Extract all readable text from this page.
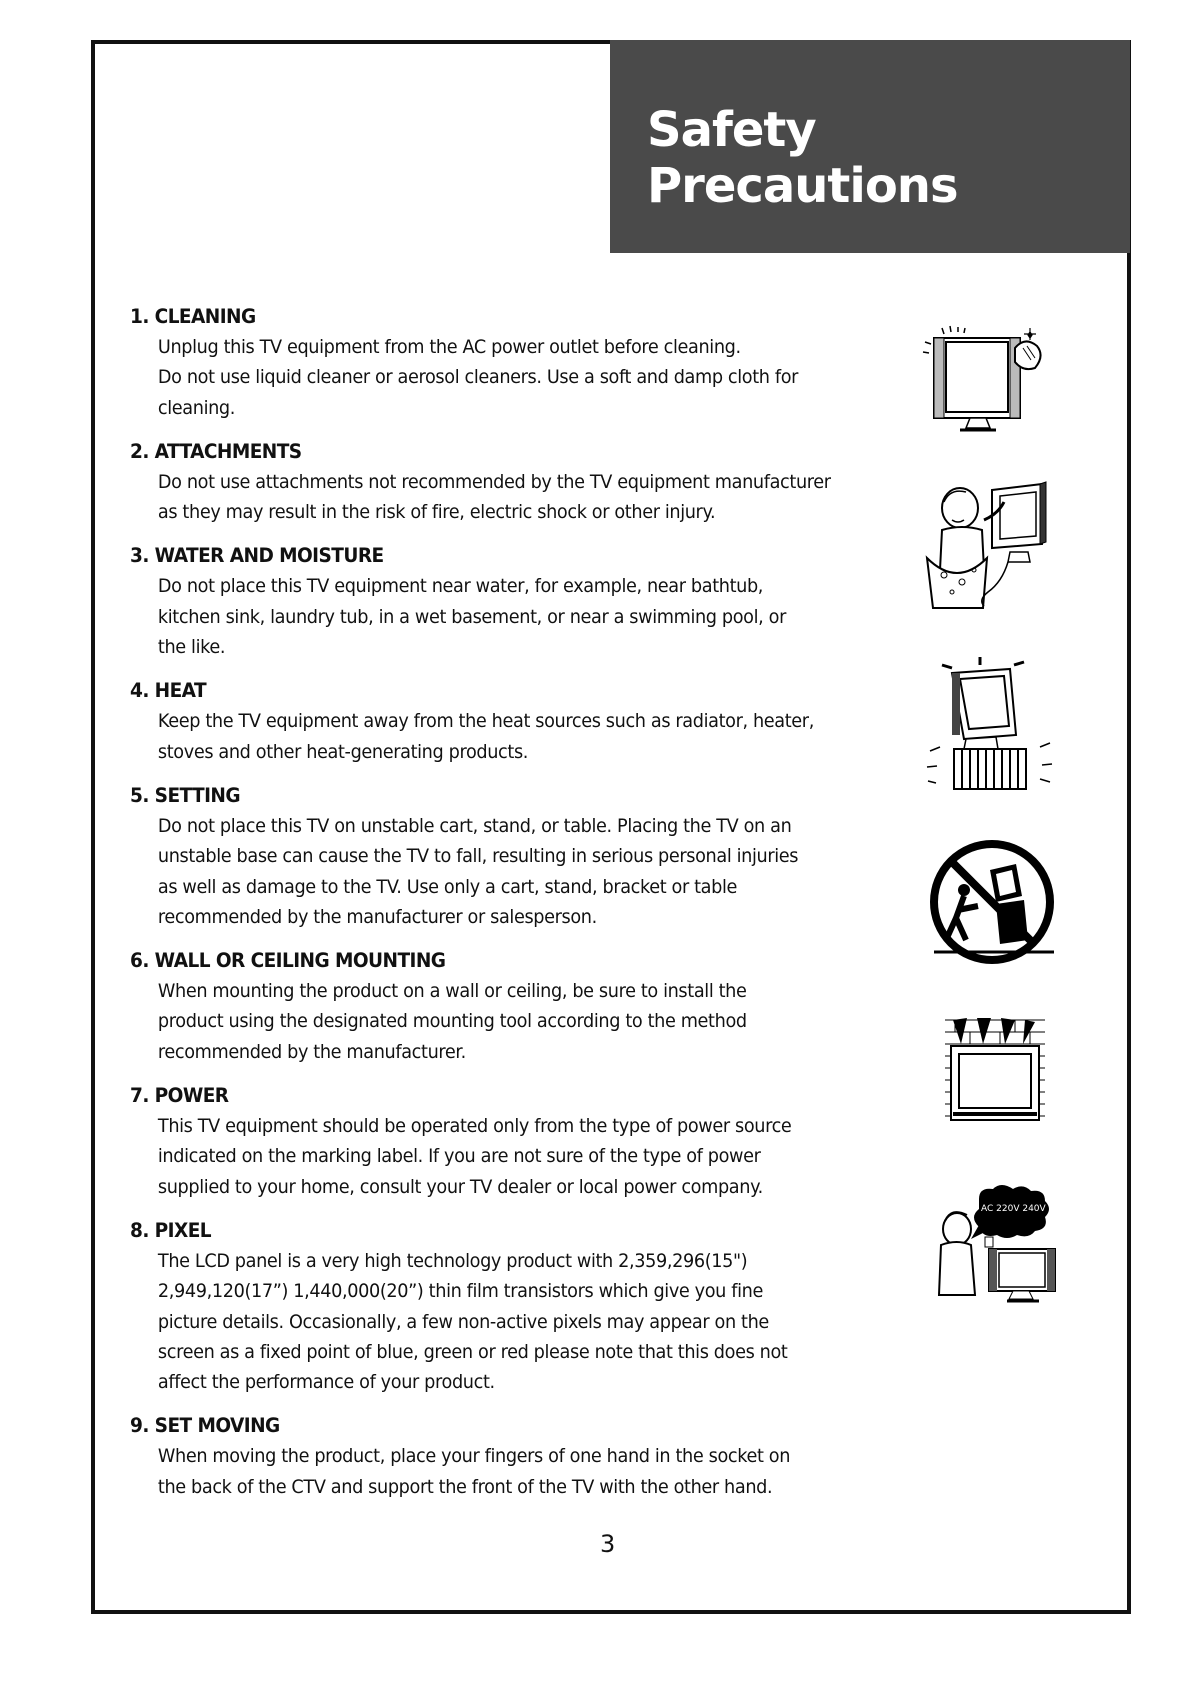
Safety
Precautions
1. CLEANING
Unplug this TV equipment from the AC power outlet before cleaning.
Do not use liquid cleaner or aerosol cleaners. Use a soft and damp cloth for
cleaning.
2. ATTACHMENTS
Do not use attachments not recommended by the TV equipment manufacturer
as they may result in the risk of fire, electric shock or other injury.
3. WATER AND MOISTURE
Do not place this TV equipment near water, for example, near bathtub,
kitchen sink, laundry tub, in a wet basement, or near a swimming pool, or
the like.
4. HEAT
Keep the TV equipment away from the heat sources such as radiator, heater,
stoves and other heat-generating products.
5. SETTING
Do not place this TV on unstable cart, stand, or table. Placing the TV on an
unstable base can cause the TV to fall, resulting in serious personal injuries
as well as damage to the TV. Use only a cart, stand, bracket or table
recommended by the manufacturer or salesperson.
6. WALL OR CEILING MOUNTING
When mounting the product on a wall or ceiling, be sure to install the
product using the designated mounting tool according to the method
recommended by the manufacturer.
7. POWER
This TV equipment should be operated only from the type of power source
indicated on the marking label. If you are not sure of the type of power
supplied to your home, consult your TV dealer or local power company.
8. PIXEL
The LCD panel is a very high technology product with 2,359,296(15")
2,949,120(17”) 1,440,000(20”) thin film transistors which give you fine
picture details. Occasionally, a few non-active pixels may appear on the
screen as a fixed point of blue, green or red please note that this does not
affect the performance of your product.
9. SET MOVING
When moving the product, place your fingers of one hand in the socket on
the back of the CTV and support the front of the TV with the other hand.
AC 220V 240V
3
